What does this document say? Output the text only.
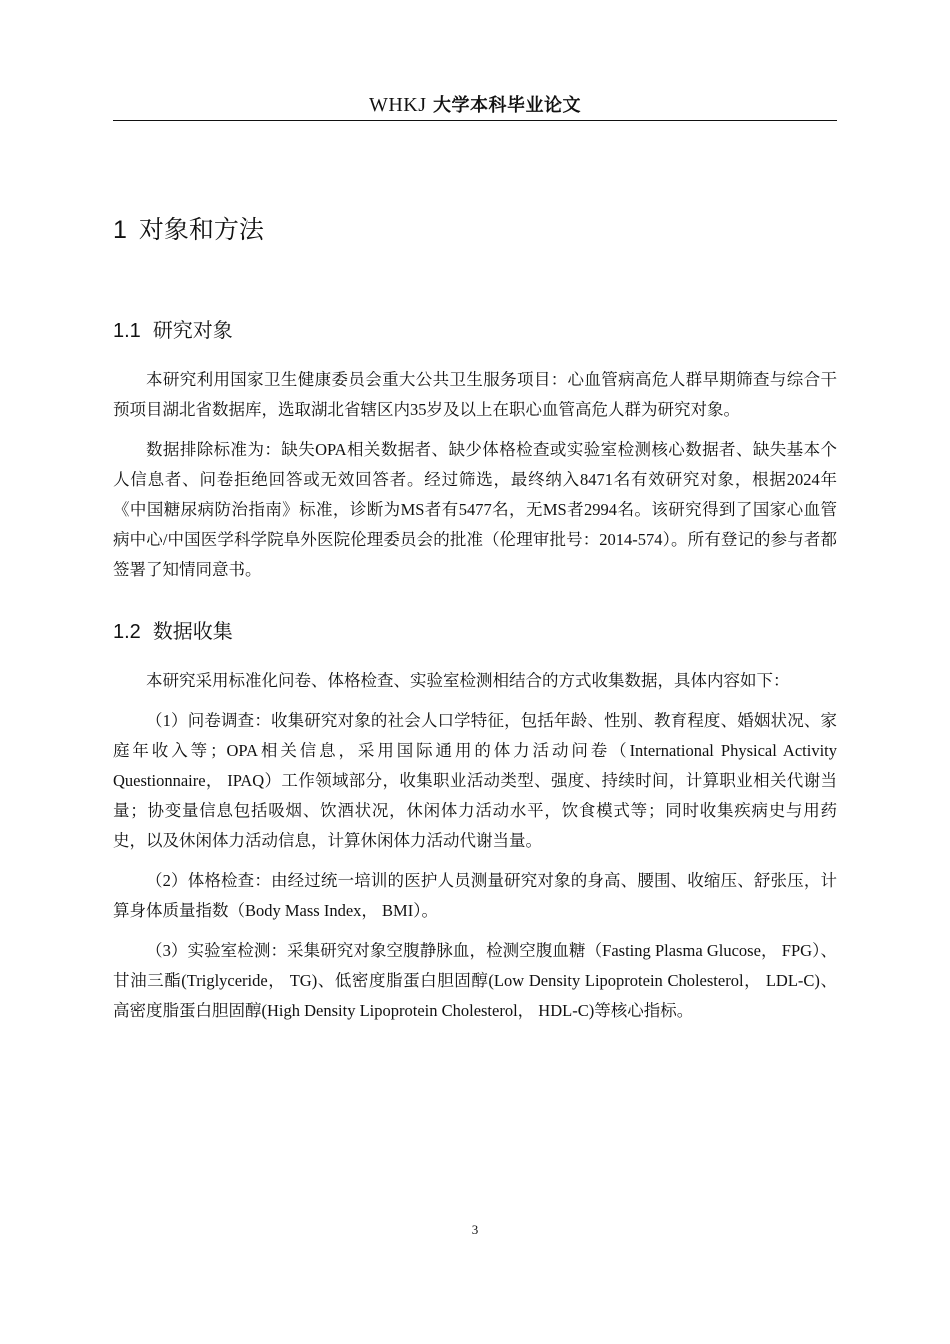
WHKJ 大学本科毕业论文
1 对象和方法
1.1 研究对象

本研究利用国家卫生健康委员会重大公共卫生服务项目：心血管病高危人群早期筛查与综合干预项目湖北省数据库，选取湖北省辖区内35岁及以上在职心血管高危人群为研究对象。

数据排除标准为：缺失OPA相关数据者、缺少体格检查或实验室检测核心数据者、缺失基本个人信息者、问卷拒绝回答或无效回答者。经过筛选，最终纳入8471名有效研究对象，根据2024年《中国糖尿病防治指南》标准，诊断为MS者有5477名，无MS者2994名。该研究得到了国家心血管病中心/中国医学科学院阜外医院伦理委员会的批准（伦理审批号：2014-574）。所有登记的参与者都签署了知情同意书。

1.2 数据收集

本研究采用标准化问卷、体格检查、实验室检测相结合的方式收集数据，具体内容如下：

（1）问卷调查：收集研究对象的社会人口学特征，包括年龄、性别、教育程度、婚姻状况、家庭年收入等；OPA相关信息，采用国际通用的体力活动问卷（International Physical Activity Questionnaire， IPAQ）工作领域部分，收集职业活动类型、强度、持续时间，计算职业相关代谢当量；协变量信息包括吸烟、饮酒状况，休闲体力活动水平，饮食模式等；同时收集疾病史与用药史，以及休闲体力活动信息，计算休闲体力活动代谢当量。

（2）体格检查：由经过统一培训的医护人员测量研究对象的身高、腰围、收缩压、舒张压，计算身体质量指数（Body Mass Index， BMI）。

（3）实验室检测：采集研究对象空腹静脉血，检测空腹血糖（Fasting Plasma Glucose， FPG）、甘油三酯(Triglyceride， TG)、低密度脂蛋白胆固醇(Low Density Lipoprotein Cholesterol， LDL-C)、高密度脂蛋白胆固醇(High Density Lipoprotein Cholesterol， HDL-C)等核心指标。

3
